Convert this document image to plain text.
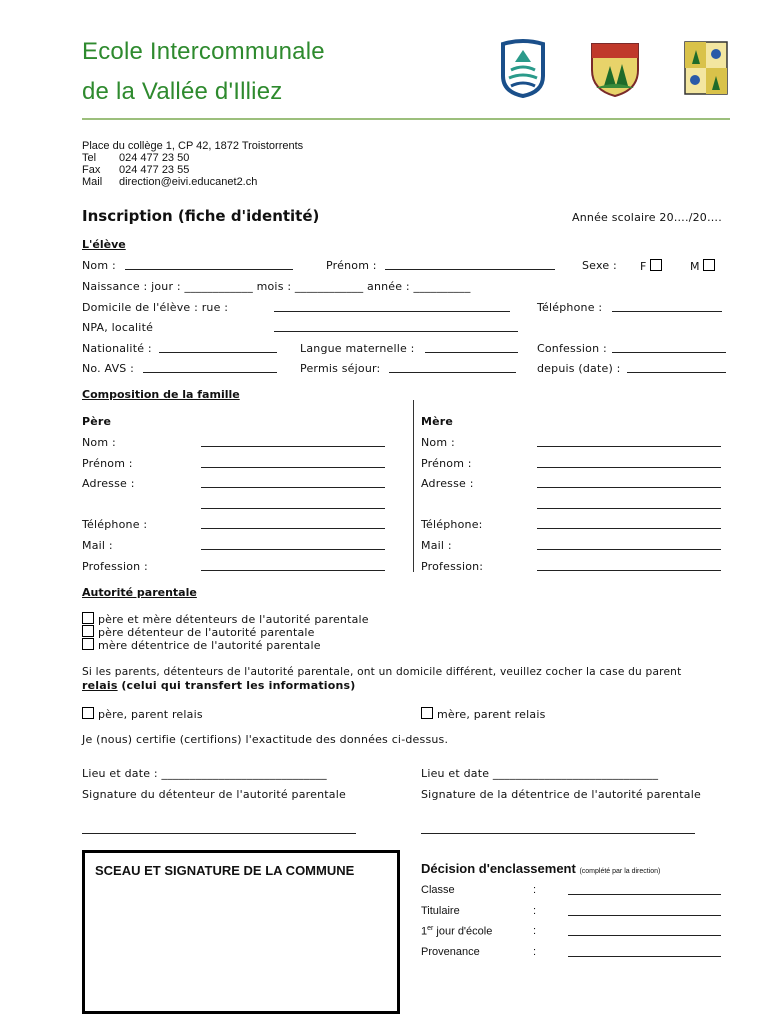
Ecole Intercommunale
de la Vallée d'Illiez
Place du collège 1, CP 42, 1872 Troistorrents
Tel 024 477 23 50
Fax 024 477 23 55
Mail direction@eivi.educanet2.ch
Inscription (fiche d'identité)	Année scolaire 20…./20….
L'élève
Nom :	Prénom :	Sexe : F	M
Naissance : jour : ____________ mois : ____________ année : __________
Domicile de l'élève : rue :	Téléphone :
NPA, localité
Nationalité :	Langue maternelle :	Confession :
No. AVS :	Permis séjour:	depuis (date) :
Composition de la famille
Père	Mère
Nom :	Nom :
Prénom :	Prénom :
Adresse :	Adresse :
Téléphone :	Téléphone:
Mail :	Mail :
Profession :	Profession:
Autorité parentale
père et mère détenteurs de l'autorité parentale
père détenteur de l'autorité parentale
mère détentrice de l'autorité parentale
Si les parents, détenteurs de l'autorité parentale, ont un domicile différent, veuillez cocher la case du parent
relais (celui qui transfert les informations)
père, parent relais	mère, parent relais
Je (nous) certifie (certifions) l'exactitude des données ci-dessus.
Lieu et date : _____________________________	Lieu et date _____________________________
Signature du détenteur de l'autorité parentale	Signature de la détentrice de l'autorité parentale
SCEAU ET SIGNATURE DE LA COMMUNE	Décision d'enclassement (complété par la direction)
Classe	:
Titulaire	:
1er jour d'école	:
Provenance	:
